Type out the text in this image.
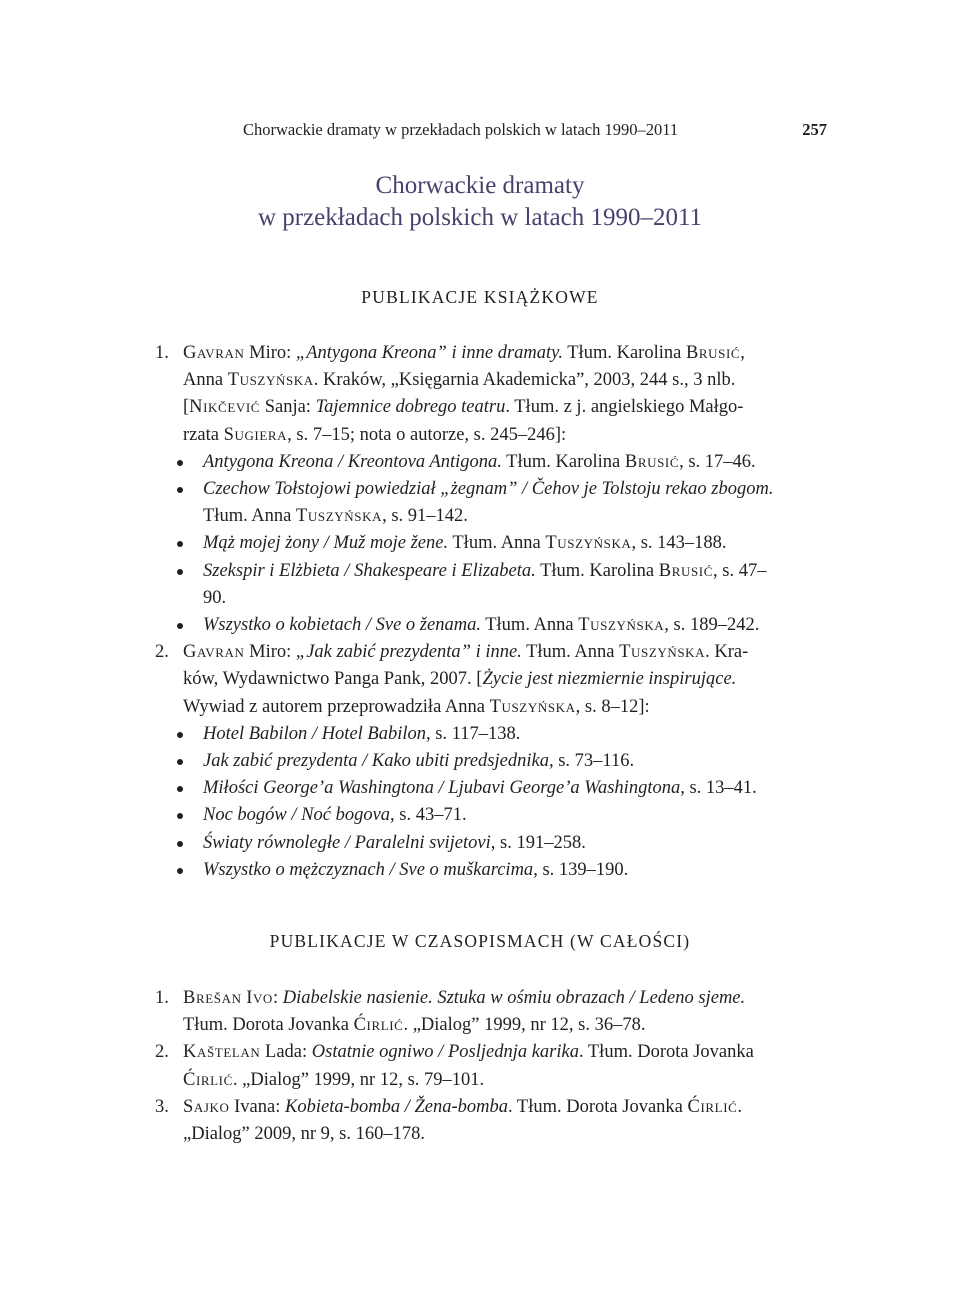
Chorwackie dramaty w przekładach polskich w latach 1990–2011	257
Chorwackie dramaty
w przekładach polskich w latach 1990–2011
PUBLIKACJE KSIĄŻKOWE
1. Gavran Miro: „Antygona Kreona” i inne dramaty. Tłum. Karolina Brusić,
Anna Tuszyńska. Kraków, „Księgarnia Akademicka”, 2003, 244 s., 3 nlb.
[Nikčević Sanja: Tajemnice dobrego teatru. Tłum. z j. angielskiego Małgo-
rzata Sugiera, s. 7–15; nota o autorze, s. 245–246]:
Antygona Kreona / Kreontova Antigona. Tłum. Karolina Brusić, s. 17–46.
Czechow Tołstojowi powiedział „żegnam” / Čehov je Tolstoju rekao zbogom.
Tłum. Anna Tuszyńska, s. 91–142.
Mąż mojej żony / Muž moje žene. Tłum. Anna Tuszyńska, s. 143–188.
Szekspir i Elżbieta / Shakespeare i Elizabeta. Tłum. Karolina Brusić, s. 47–
90.
Wszystko o kobietach / Sve o ženama. Tłum. Anna Tuszyńska, s. 189–242.
2. Gavran Miro: „Jak zabić prezydenta” i inne. Tłum. Anna Tuszyńska. Kra-
ków, Wydawnictwo Panga Pank, 2007. [Życie jest niezmiernie inspirujące.
Wywiad z autorem przeprowadziła Anna Tuszyńska, s. 8–12]:
Hotel Babilon / Hotel Babilon, s. 117–138.
Jak zabić prezydenta / Kako ubiti predsjednika, s. 73–116.
Miłości George’a Washingtona / Ljubavi George’a Washingtona, s. 13–41.
Noc bogów / Noć bogova, s. 43–71.
Światy równoległe / Paralelni svijetovi, s. 191–258.
Wszystko o mężczyznach / Sve o muškarcima, s. 139–190.
PUBLIKACJE W CZASOPISMACH (W CAŁOŚCI)
1. Brešan Ivo: Diabelskie nasienie. Sztuka w ośmiu obrazach / Ledeno sjeme.
Tłum. Dorota Jovanka Ćirlić. „Dialog” 1999, nr 12, s. 36–78.
2. Kaštelan Lada: Ostatnie ogniwo / Posljednja karika. Tłum. Dorota Jovanka
Ćirlić. „Dialog” 1999, nr 12, s. 79–101.
3. Sajko Ivana: Kobieta-bomba / Žena-bomba. Tłum. Dorota Jovanka Ćirlić.
„Dialog” 2009, nr 9, s. 160–178.
